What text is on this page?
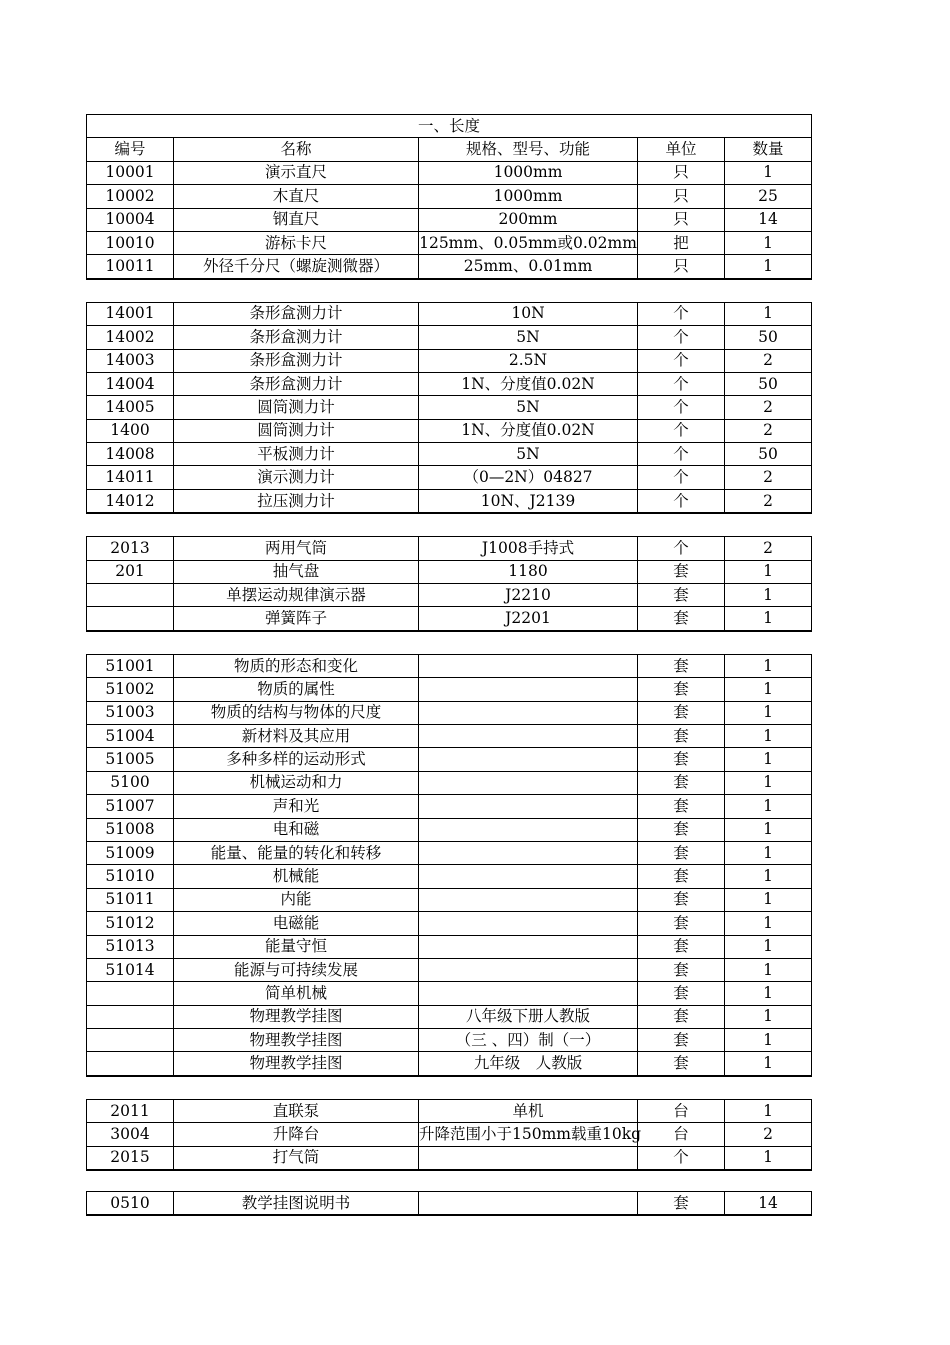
一、长度				
编号	名称	规格、型号、功能	单位	数量
10001	演示直尺	1000mm	只	1
10002	木直尺	1000mm	只	25
10004	钢直尺	200mm	只	14
10010	游标卡尺	125mm、0.05mm或0.02mm	把	1
10011	外径千分尺（螺旋测微器）	25mm、0.01mm	只	1
14001	条形盒测力计	10N	个	1
14002	条形盒测力计	5N	个	50
14003	条形盒测力计	2.5N	个	2
14004	条形盒测力计	1N、分度值0.02N	个	50
14005	圆筒测力计	5N	个	2
1400	圆筒测力计	1N、分度值0.02N	个	2
14008	平板测力计	5N	个	50
14011	演示测力计	（0—2N）04827	个	2
14012	拉压测力计	10N、J2139	个	2
2013	两用气筒	J1008手持式	个	2
201	抽气盘	1180	套	1
	单摆运动规律演示器	J2210	套	1
	弹簧阵子	J2201	套	1
51001	物质的形态和变化		套	1
51002	物质的属性		套	1
51003	物质的结构与物体的尺度		套	1
51004	新材料及其应用		套	1
51005	多种多样的运动形式		套	1
5100	机械运动和力		套	1
51007	声和光		套	1
51008	电和磁		套	1
51009	能量、能量的转化和转移		套	1
51010	机械能		套	1
51011	内能		套	1
51012	电磁能		套	1
51013	能量守恒		套	1
51014	能源与可持续发展		套	1
	简单机械		套	1
	物理教学挂图	八年级下册人教版	套	1
	物理教学挂图	（三 、四）制（一）	套	1
	物理教学挂图	九年级　人教版	套	1
2011	直联泵	单机	台	1
3004	升降台	升降范围小于150mm载重10kg	台	2
2015	打气筒		个	1
0510	教学挂图说明书		套	14
